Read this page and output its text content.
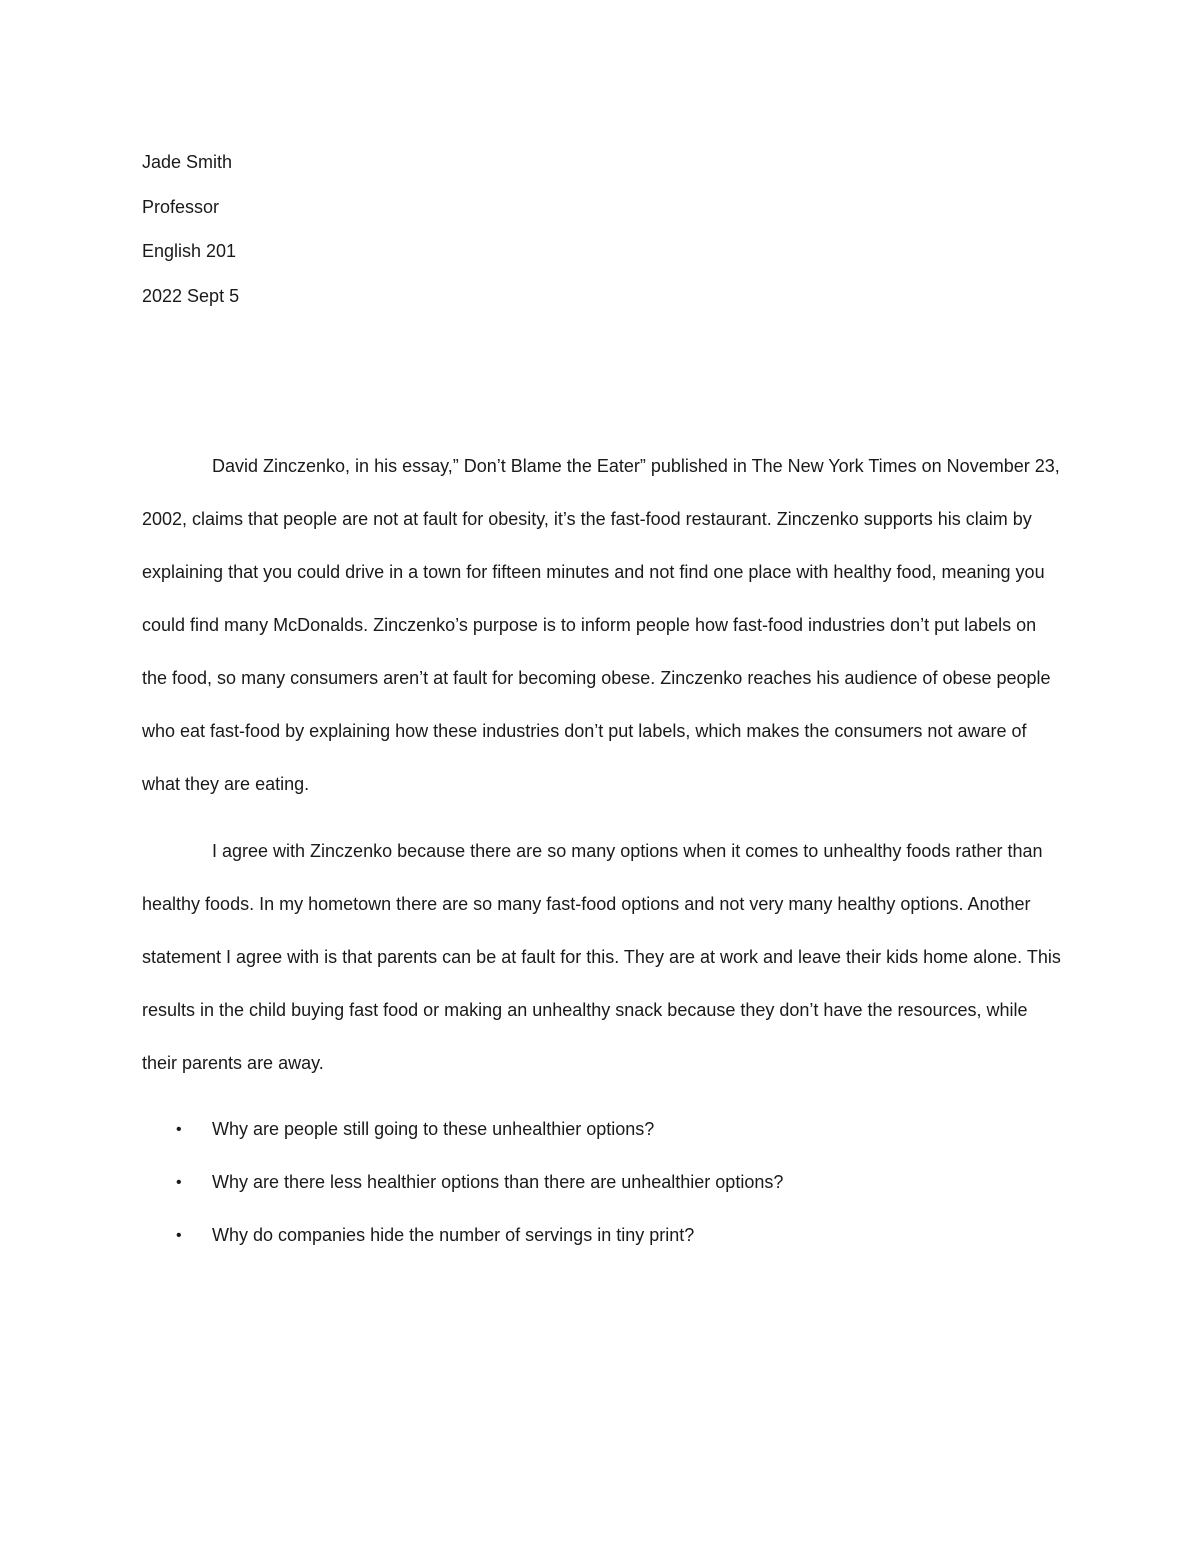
Jade Smith

Professor

English 201

2022 Sept 5

David Zinczenko, in his essay,” Don’t Blame the Eater” published in The New York Times on November 23, 2002, claims that people are not at fault for obesity, it’s the fast-food restaurant. Zinczenko supports his claim by explaining that you could drive in a town for fifteen minutes and not find one place with healthy food, meaning you could find many McDonalds. Zinczenko’s purpose is to inform people how fast-food industries don’t put labels on the food, so many consumers aren’t at fault for becoming obese. Zinczenko reaches his audience of obese people who eat fast-food by explaining how these industries don’t put labels, which makes the consumers not aware of what they are eating.

I agree with Zinczenko because there are so many options when it comes to unhealthy foods rather than healthy foods. In my hometown there are so many fast-food options and not very many healthy options. Another statement I agree with is that parents can be at fault for this. They are at work and leave their kids home alone. This results in the child buying fast food or making an unhealthy snack because they don’t have the resources, while their parents are away.

• Why are people still going to these unhealthier options?
• Why are there less healthier options than there are unhealthier options?
• Why do companies hide the number of servings in tiny print?
